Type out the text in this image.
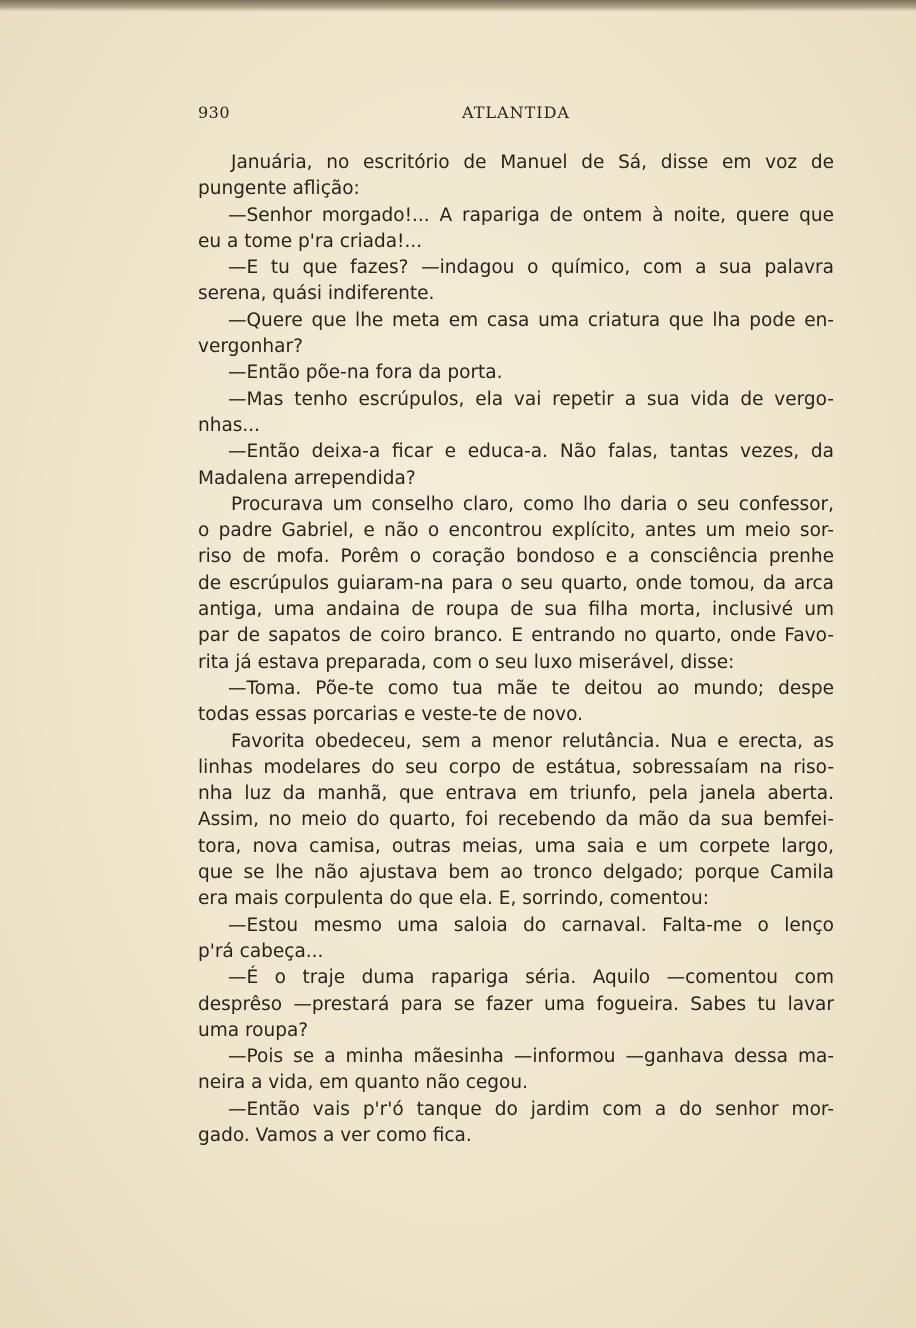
930	ATLANTIDA
Januária, no escritório de Manuel de Sá, disse em voz de
pungente aflição:
—Senhor morgado!... A rapariga de ontem à noite, quere que
eu a tome p'ra criada!...
—E tu que fazes? —indagou o químico, com a sua palavra
serena, quási indiferente.
—Quere que lhe meta em casa uma criatura que lha pode en-
vergonhar?
—Então põe-na fora da porta.
—Mas tenho escrúpulos, ela vai repetir a sua vida de vergo-
nhas...
—Então deixa-a ficar e educa-a. Não falas, tantas vezes, da
Madalena arrependida?
Procurava um conselho claro, como lho daria o seu confessor,
o padre Gabriel, e não o encontrou explícito, antes um meio sor-
riso de mofa. Porêm o coração bondoso e a consciência prenhe
de escrúpulos guiaram-na para o seu quarto, onde tomou, da arca
antiga, uma andaina de roupa de sua filha morta, inclusivé um
par de sapatos de coiro branco. E entrando no quarto, onde Favo-
rita já estava preparada, com o seu luxo miserável, disse:
—Toma. Põe-te como tua mãe te deitou ao mundo; despe
todas essas porcarias e veste-te de novo.
Favorita obedeceu, sem a menor relutância. Nua e erecta, as
linhas modelares do seu corpo de estátua, sobressaíam na riso-
nha luz da manhã, que entrava em triunfo, pela janela aberta.
Assim, no meio do quarto, foi recebendo da mão da sua bemfei-
tora, nova camisa, outras meias, uma saia e um corpete largo,
que se lhe não ajustava bem ao tronco delgado; porque Camila
era mais corpulenta do que ela. E, sorrindo, comentou:
—Estou mesmo uma saloia do carnaval. Falta-me o lenço
p'rá cabeça...
—É o traje duma rapariga séria. Aquilo —comentou com
desprêso —prestará para se fazer uma fogueira. Sabes tu lavar
uma roupa?
—Pois se a minha mãesinha —informou —ganhava dessa ma-
neira a vida, em quanto não cegou.
—Então vais p'r'ó tanque do jardim com a do senhor mor-
gado. Vamos a ver como fica.
